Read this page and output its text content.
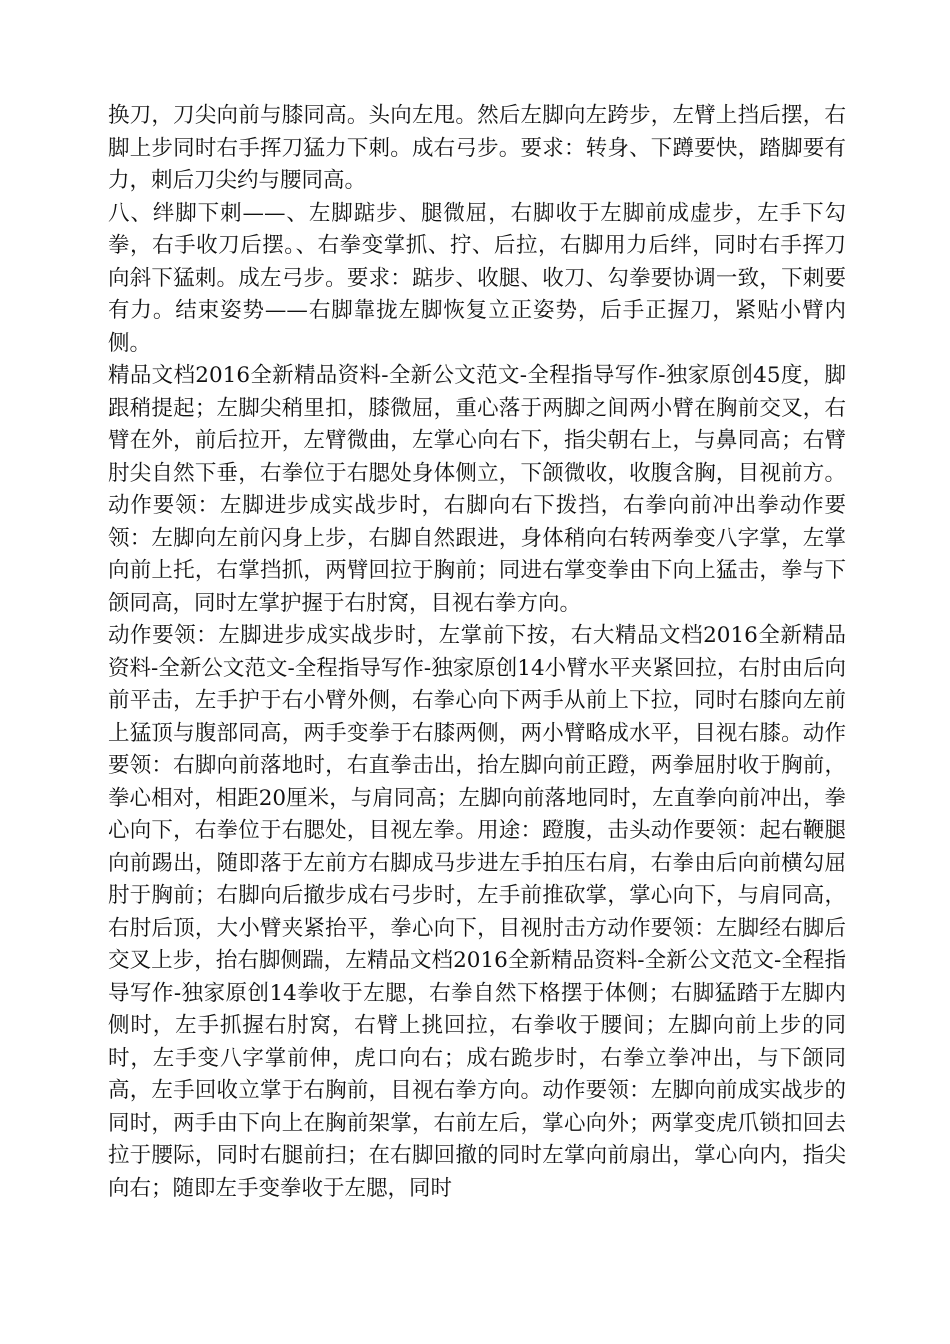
换刀，刀尖向前与膝同高。头向左甩。然后左脚向左跨步，左臂上挡后摆，右脚上步同时右手挥刀猛力下刺。成右弓步。要求：转身、下蹲要快，踏脚要有力，刺后刀尖约与腰同高。

八、绊脚下刺——、左脚踮步、腿微屈，右脚收于左脚前成虚步，左手下勾拳，右手收刀后摆。、右拳变掌抓、拧、后拉，右脚用力后绊，同时右手挥刀向斜下猛刺。成左弓步。要求：踮步、收腿、收刀、勾拳要协调一致，下刺要有力。结束姿势——右脚靠拢左脚恢复立正姿势，后手正握刀，紧贴小臂内侧。

精品文档2016全新精品资料-全新公文范文-全程指导写作-独家原创45度，脚跟稍提起；左脚尖稍里扣，膝微屈，重心落于两脚之间两小臂在胸前交叉，右臂在外，前后拉开，左臂微曲，左掌心向右下，指尖朝右上，与鼻同高；右臂肘尖自然下垂，右拳位于右腮处身体侧立，下颌微收，收腹含胸，目视前方。动作要领：左脚进步成实战步时，右脚向右下拨挡，右拳向前冲出拳动作要领：左脚向左前闪身上步，右脚自然跟进，身体稍向右转两拳变八字掌，左掌向前上托，右掌挡抓，两臂回拉于胸前；同进右掌变拳由下向上猛击，拳与下颌同高，同时左掌护握于右肘窝，目视右拳方向。

动作要领：左脚进步成实战步时，左掌前下按，右大精品文档2016全新精品资料-全新公文范文-全程指导写作-独家原创14小臂水平夹紧回拉，右肘由后向前平击，左手护于右小臂外侧，右拳心向下两手从前上下拉，同时右膝向左前上猛顶与腹部同高，两手变拳于右膝两侧，两小臂略成水平，目视右膝。动作要领：右脚向前落地时，右直拳击出，抬左脚向前正蹬，两拳屈肘收于胸前，拳心相对，相距20厘米，与肩同高；左脚向前落地同时，左直拳向前冲出，拳心向下，右拳位于右腮处，目视左拳。用途：蹬腹，击头动作要领：起右鞭腿向前踢出，随即落于左前方右脚成马步进左手拍压右肩，右拳由后向前横勾屈肘于胸前；右脚向后撤步成右弓步时，左手前推砍掌，掌心向下，与肩同高，右肘后顶，大小臂夹紧抬平，拳心向下，目视肘击方动作要领：左脚经右脚后交叉上步，抬右脚侧踹，左精品文档2016全新精品资料-全新公文范文-全程指导写作-独家原创14拳收于左腮，右拳自然下格摆于体侧；右脚猛踏于左脚内侧时，左手抓握右肘窝，右臂上挑回拉，右拳收于腰间；左脚向前上步的同时，左手变八字掌前伸，虎口向右；成右跪步时，右拳立拳冲出，与下颌同高，左手回收立掌于右胸前，目视右拳方向。动作要领：左脚向前成实战步的同时，两手由下向上在胸前架掌，右前左后，掌心向外；两掌变虎爪锁扣回去拉于腰际，同时右腿前扫；在右脚回撤的同时左掌向前扇出，掌心向内，指尖向右；随即左手变拳收于左腮，同时
